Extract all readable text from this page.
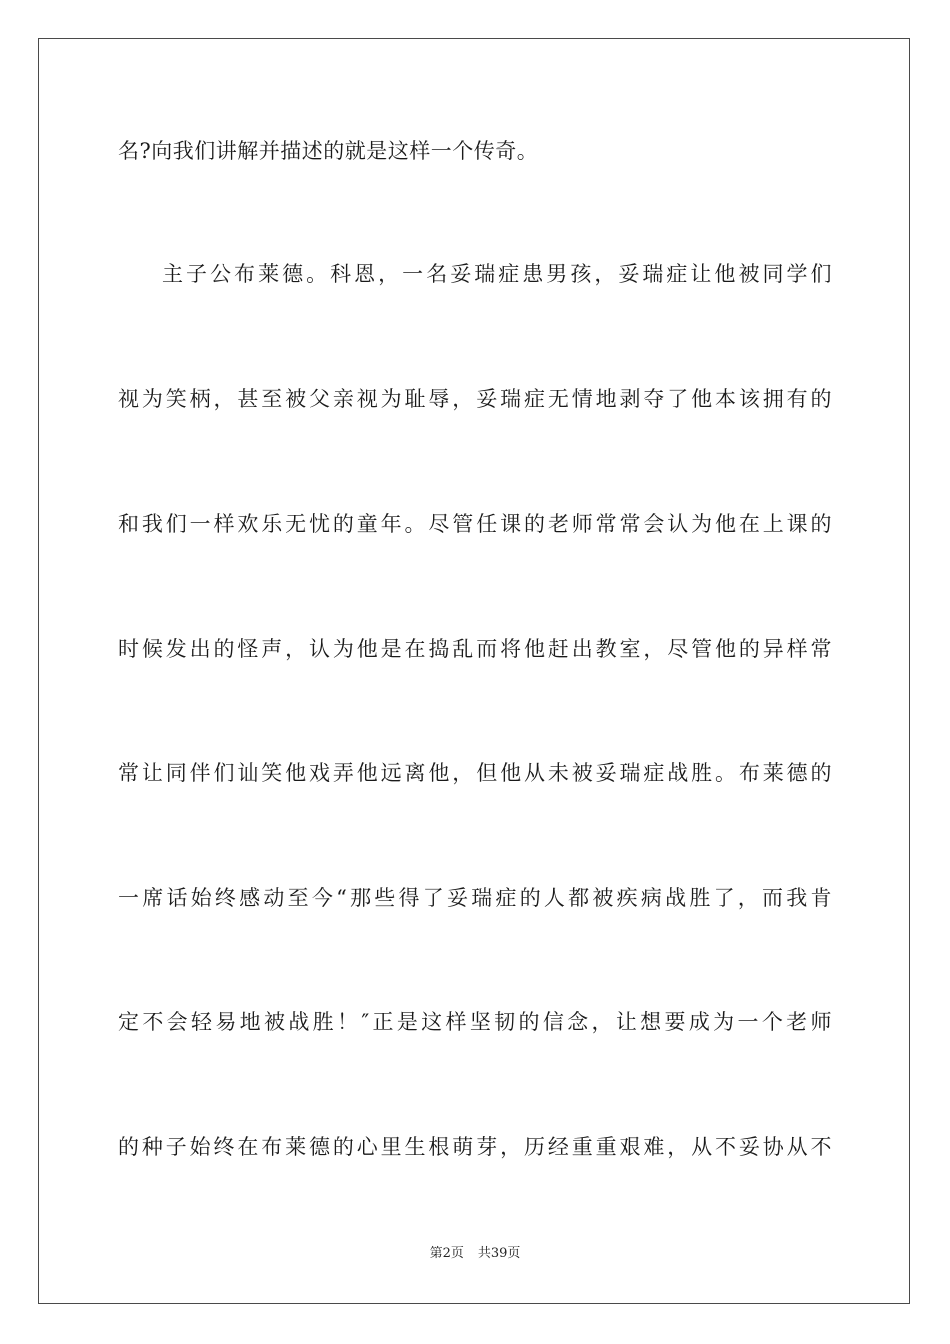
名?向我们讲解并描述的就是这样一个传奇。
主子公布莱德。科恩，一名妥瑞症患男孩，妥瑞症让他被同学们
视为笑柄，甚至被父亲视为耻辱，妥瑞症无情地剥夺了他本该拥有的
和我们一样欢乐无忧的童年。尽管任课的老师常常会认为他在上课的
时候发出的怪声，认为他是在捣乱而将他赶出教室，尽管他的异样常
常让同伴们讪笑他戏弄他远离他，但他从未被妥瑞症战胜。布莱德的
一席话始终感动至今“那些得了妥瑞症的人都被疾病战胜了，而我肯
定不会轻易地被战胜！″正是这样坚韧的信念，让想要成为一个老师
的种子始终在布莱德的心里生根萌芽，历经重重艰难，从不妥协从不
第2页 共39页
